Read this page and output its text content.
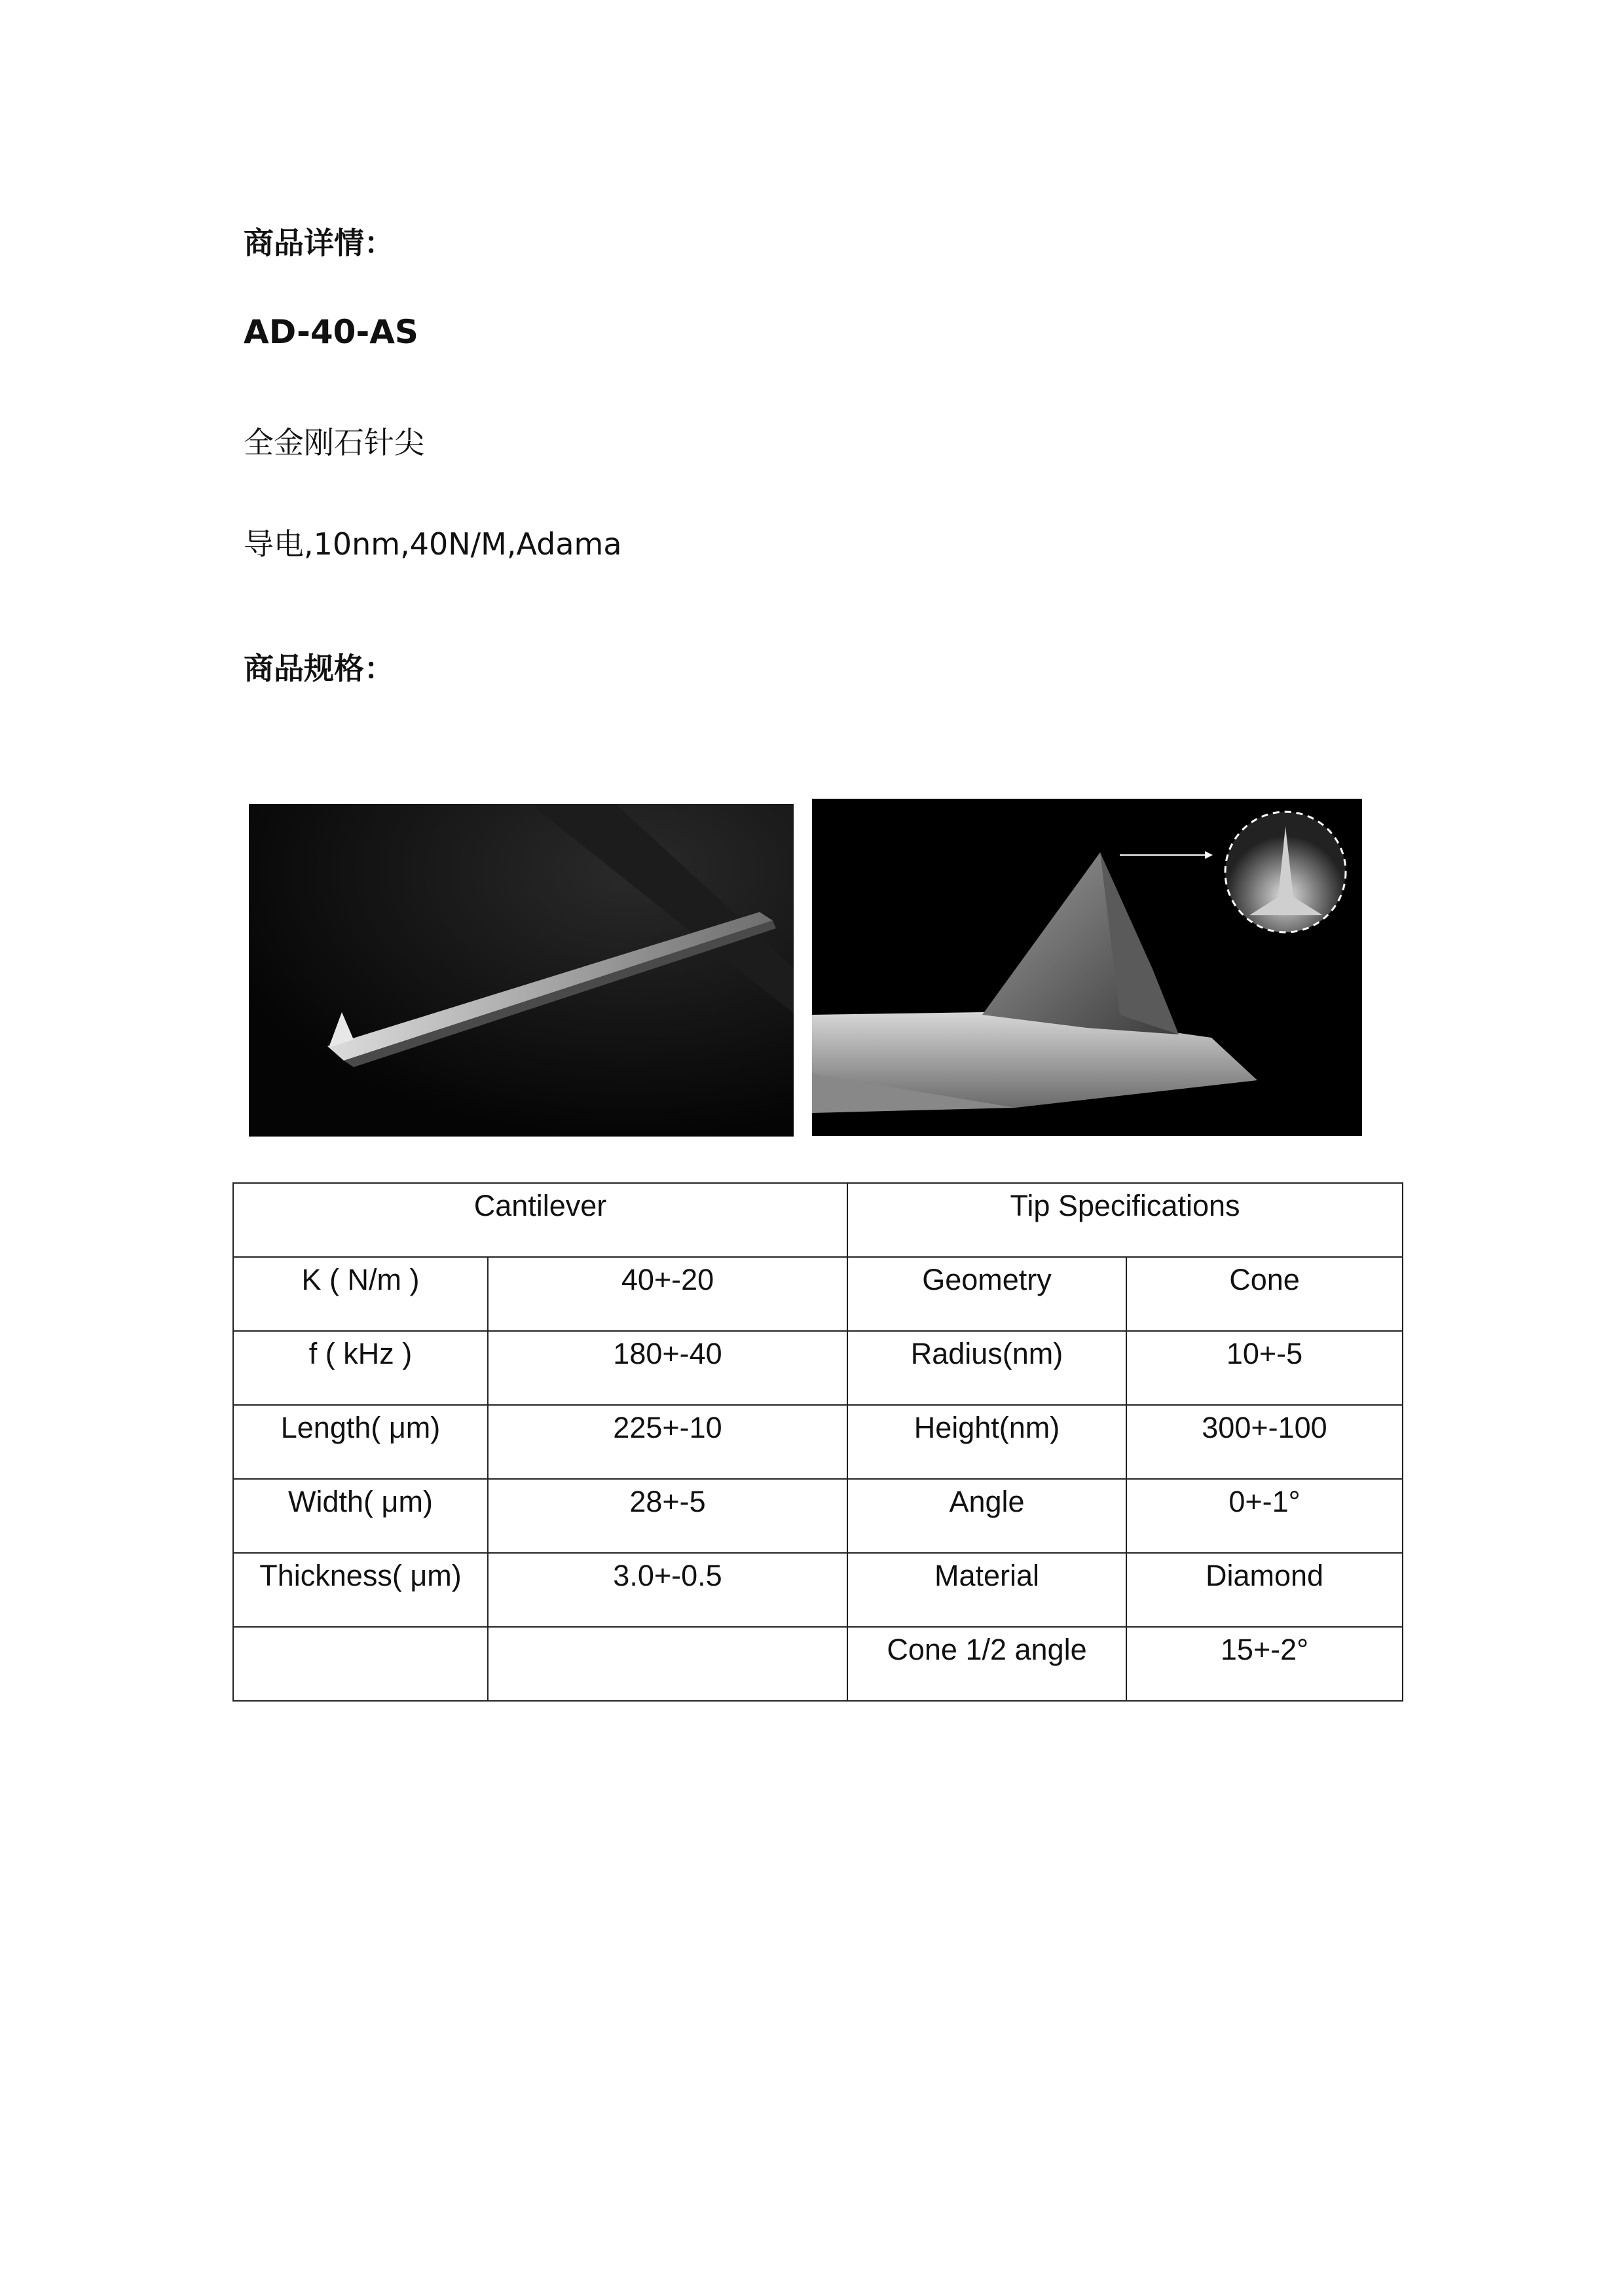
商品详情：

AD-40-AS

全金刚石针尖

导电,10nm,40N/M,Adama

商品规格：

Cantilever		Tip Specifications	
K ( N/m )	40+-20	Geometry	Cone
f ( kHz )	180+-40	Radius(nm)	10+-5
Length( μm)	225+-10	Height(nm)	300+-100
Width( μm)	28+-5	Angle	0+-1°
Thickness( μm)	3.0+-0.5	Material	Diamond
		Cone 1/2 angle	15+-2°
